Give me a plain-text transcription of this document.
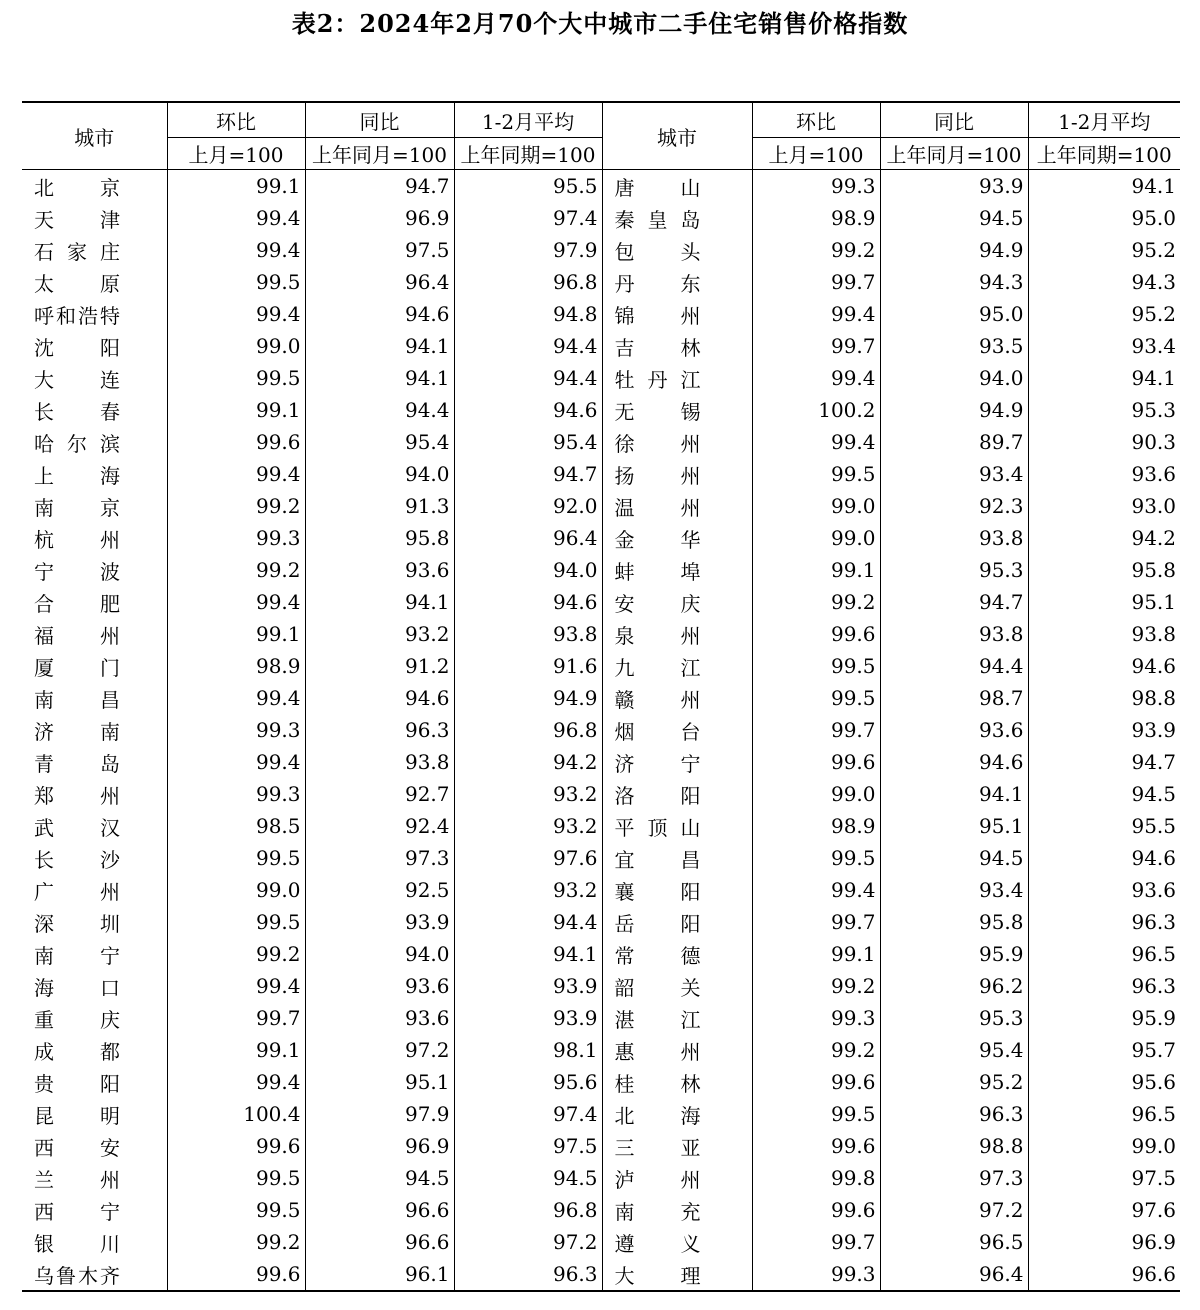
表2：2024年2月70个大中城市二手住宅销售价格指数
城市	环比	同比	1-2月平均	城市	环比	同比	1-2月平均
	上月=100	上年同月=100	上年同期=100		上月=100	上年同月=100	上年同期=100
北　京	99.1	94.7	95.5	唐　山	99.3	93.9	94.1
天　津	99.4	96.9	97.4	秦皇岛	98.9	94.5	95.0
石家庄	99.4	97.5	97.9	包　头	99.2	94.9	95.2
太　原	99.5	96.4	96.8	丹　东	99.7	94.3	94.3
呼和浩特	99.4	94.6	94.8	锦　州	99.4	95.0	95.2
沈　阳	99.0	94.1	94.4	吉　林	99.7	93.5	93.4
大　连	99.5	94.1	94.4	牡丹江	99.4	94.0	94.1
长　春	99.1	94.4	94.6	无　锡	100.2	94.9	95.3
哈尔滨	99.6	95.4	95.4	徐　州	99.4	89.7	90.3
上　海	99.4	94.0	94.7	扬　州	99.5	93.4	93.6
南　京	99.2	91.3	92.0	温　州	99.0	92.3	93.0
杭　州	99.3	95.8	96.4	金　华	99.0	93.8	94.2
宁　波	99.2	93.6	94.0	蚌　埠	99.1	95.3	95.8
合　肥	99.4	94.1	94.6	安　庆	99.2	94.7	95.1
福　州	99.1	93.2	93.8	泉　州	99.6	93.8	93.8
厦　门	98.9	91.2	91.6	九　江	99.5	94.4	94.6
南　昌	99.4	94.6	94.9	赣　州	99.5	98.7	98.8
济　南	99.3	96.3	96.8	烟　台	99.7	93.6	93.9
青　岛	99.4	93.8	94.2	济　宁	99.6	94.6	94.7
郑　州	99.3	92.7	93.2	洛　阳	99.0	94.1	94.5
武　汉	98.5	92.4	93.2	平顶山	98.9	95.1	95.5
长　沙	99.5	97.3	97.6	宜　昌	99.5	94.5	94.6
广　州	99.0	92.5	93.2	襄　阳	99.4	93.4	93.6
深　圳	99.5	93.9	94.4	岳　阳	99.7	95.8	96.3
南　宁	99.2	94.0	94.1	常　德	99.1	95.9	96.5
海　口	99.4	93.6	93.9	韶　关	99.2	96.2	96.3
重　庆	99.7	93.6	93.9	湛　江	99.3	95.3	95.9
成　都	99.1	97.2	98.1	惠　州	99.2	95.4	95.7
贵　阳	99.4	95.1	95.6	桂　林	99.6	95.2	95.6
昆　明	100.4	97.9	97.4	北　海	99.5	96.3	96.5
西　安	99.6	96.9	97.5	三　亚	99.6	98.8	99.0
兰　州	99.5	94.5	94.5	泸　州	99.8	97.3	97.5
西　宁	99.5	96.6	96.8	南　充	99.6	97.2	97.6
银　川	99.2	96.6	97.2	遵　义	99.7	96.5	96.9
乌鲁木齐	99.6	96.1	96.3	大　理	99.3	96.4	96.6
